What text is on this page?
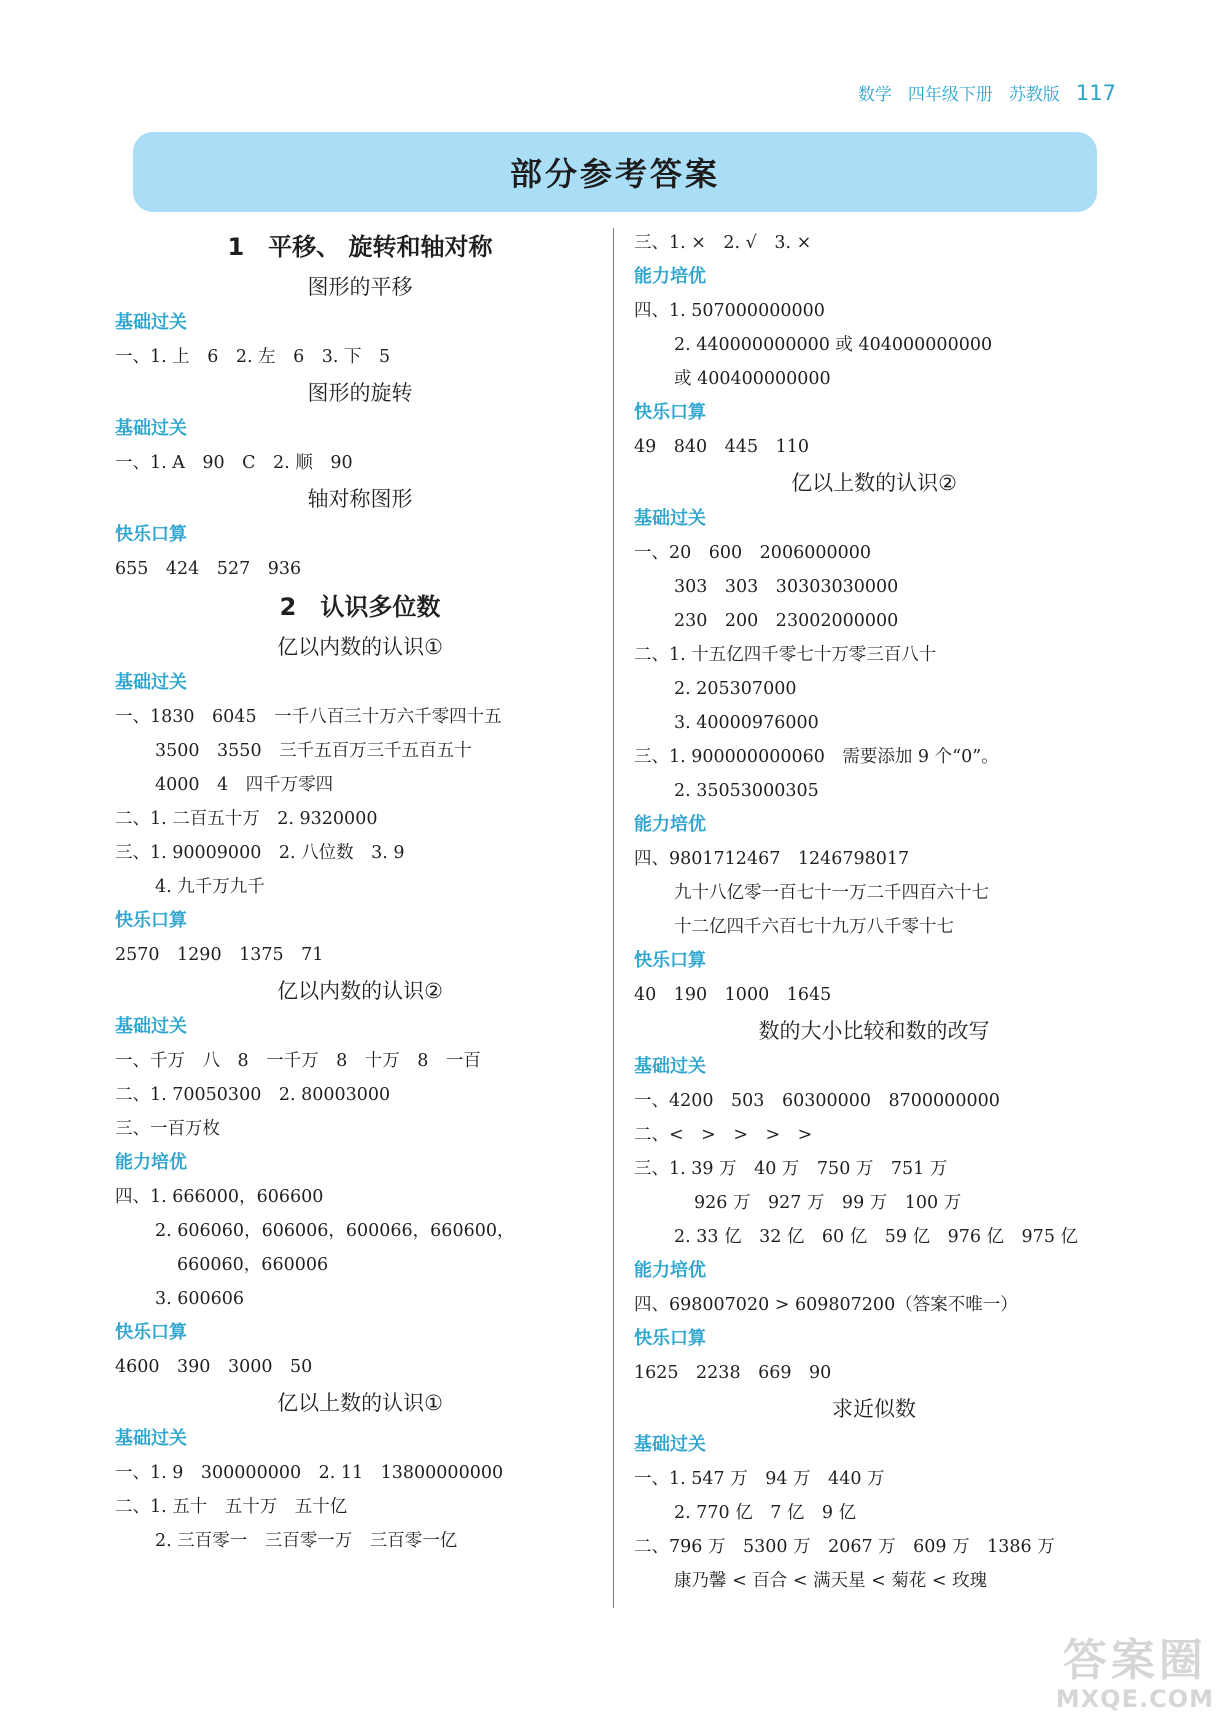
数学 四年级下册 苏教版 117
部分参考答案
1　平移、 旋转和轴对称
图形的平移
基础过关
一、1. 上　6　2. 左　6　3. 下　5
图形的旋转
基础过关
一、1. A　90　C　2. 顺　90
轴对称图形
快乐口算
655　424　527　936
2　认识多位数
亿以内数的认识①
基础过关
一、1830　6045　一千八百三十万六千零四十五
3500　3550　三千五百万三千五百五十
4000　4　四千万零四
二、1. 二百五十万　2. 9320000
三、1. 90009000　2. 八位数　3. 9
4. 九千万九千
快乐口算
2570　1290　1375　71
亿以内数的认识②
基础过关
一、千万　八　8　一千万　8　十万　8　一百
二、1. 70050300　2. 80003000
三、一百万枚
能力培优
四、1. 666000，606600
2. 606060，606006，600066，660600，
660060，660006
3. 600606
快乐口算
4600　390　3000　50
亿以上数的认识①
基础过关
一、1. 9　300000000　2. 11　13800000000
二、1. 五十　五十万　五十亿
2. 三百零一　三百零一万　三百零一亿
三、1. ×　2. √　3. ×
能力培优
四、1. 507000000000
2. 440000000000 或 404000000000
或 400400000000
快乐口算
49　840　445　110
亿以上数的认识②
基础过关
一、20　600　2006000000
303　303　30303030000
230　200　23002000000
二、1. 十五亿四千零七十万零三百八十
2. 205307000
3. 40000976000
三、1. 900000000060　需要添加 9 个“0”。
2. 35053000305
能力培优
四、9801712467　1246798017
九十八亿零一百七十一万二千四百六十七
十二亿四千六百七十九万八千零十七
快乐口算
40　190　1000　1645
数的大小比较和数的改写
基础过关
一、4200　503　60300000　8700000000
二、<　>　>　>　>
三、1. 39 万　40 万　750 万　751 万
926 万　927 万　99 万　100 万
2. 33 亿　32 亿　60 亿　59 亿　976 亿　975 亿
能力培优
四、698007020 > 609807200（答案不唯一）
快乐口算
1625　2238　669　90
求近似数
基础过关
一、1. 547 万　94 万　440 万
2. 770 亿　7 亿　9 亿
二、796 万　5300 万　2067 万　609 万　1386 万
康乃馨 < 百合 < 满天星 < 菊花 < 玫瑰
答案圈
MXQE.COM
